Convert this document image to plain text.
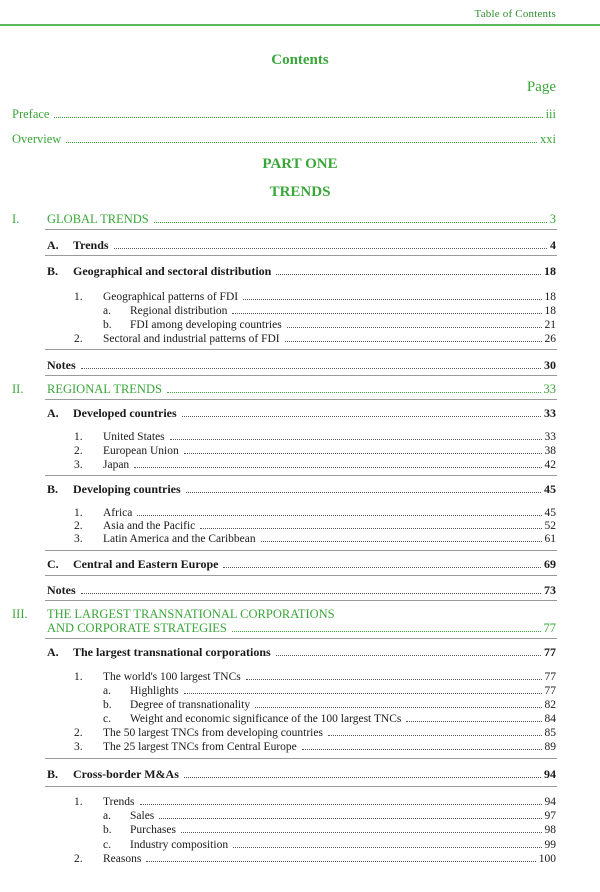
Table of Contents
Contents
Page
Preface	iii
Overview	xxi
PART ONE
TRENDS
I. GLOBAL TRENDS	3
A. Trends	4
B. Geographical and sectoral distribution	18
1. Geographical patterns of FDI	18
a. Regional distribution	18
b. FDI among developing countries	21
2. Sectoral and industrial patterns of FDI	26
Notes	30
II. REGIONAL TRENDS	33
A. Developed countries	33
1. United States	33
2. European Union	38
3. Japan	42
B. Developing countries	45
1. Africa	45
2. Asia and the Pacific	52
3. Latin America and the Caribbean	61
C. Central and Eastern Europe	69
Notes	73
III. THE LARGEST TRANSNATIONAL CORPORATIONS
AND CORPORATE STRATEGIES	77
A. The largest transnational corporations	77
1. The world's 100 largest TNCs	77
a. Highlights	77
b. Degree of transnationality	82
c. Weight and economic significance of the 100 largest TNCs	84
2. The 50 largest TNCs from developing countries	85
3. The 25 largest TNCs from Central Europe	89
B. Cross-border M&As	94
1. Trends	94
a. Sales	97
b. Purchases	98
c. Industry composition	99
2. Reasons	100
